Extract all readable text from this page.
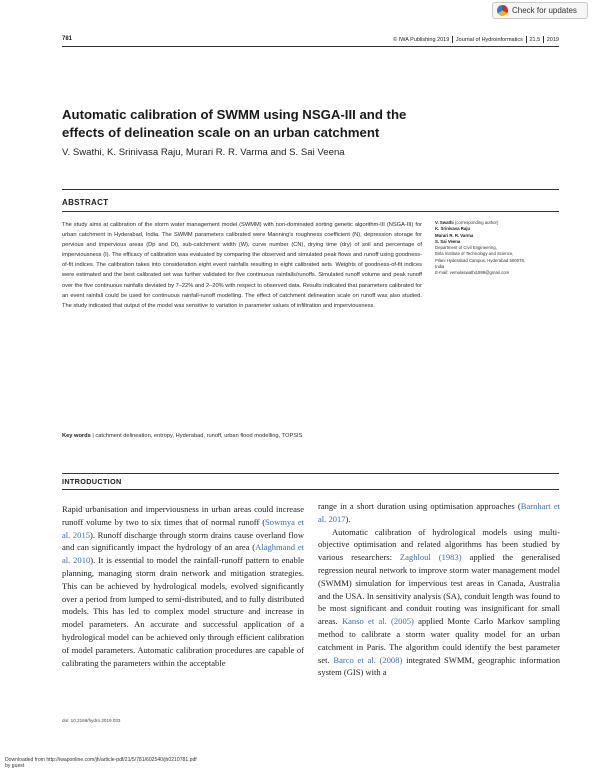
Check for updates
781	© IWA Publishing 2019 Journal of Hydroinformatics 21.5 2019
Automatic calibration of SWMM using NSGA-III and the
effects of delineation scale on an urban catchment
V. Swathi, K. Srinivasa Raju, Murari R. R. Varma and S. Sai Veena
ABSTRACT
The study aims at calibration of the storm water management model (SWMM) with non-dominated sorting genetic algorithm-III (NSGA-III) for urban catchment in Hyderabad, India. The SWMM parameters calibrated were Manning's roughness coefficient (N), depression storage for pervious and impervious areas (Dp and Di), sub-catchment width (W), curve number (CN), drying time (dry) of soil and percentage of imperviousness (I). The efficacy of calibration was evaluated by comparing the observed and simulated peak flows and runoff using goodness-of-fit indices. The calibration takes into consideration eight event rainfalls resulting in eight calibrated sets. Weights of goodness-of-fit indices were estimated and the best calibrated set was further validated for five continuous rainfalls/runoffs. Simulated runoff volume and peak runoff over the five continuous rainfalls deviated by 7–22% and 2–20% with respect to observed data. Results indicated that parameters calibrated for an event rainfall could be used for continuous rainfall-runoff modelling. The effect of catchment delineation scale on runoff was also studied. The study indicated that output of the model was sensitive to variation in parameter values of infiltration and imperviousness.
Key words | catchment delineation, entropy, Hyderabad, runoff, urban flood modelling, TOPSIS
V. Swathi (corresponding author)
K. Srinivasa Raju
Murari R. R. Varma
S. Sai Veena
Department of Civil Engineering,
Birla Institute of Technology and Science,
Pilani Hyderabad Campus, Hyderabad 500078,
India
E-mail: vemulaswathi1999@gmail.com
INTRODUCTION

Rapid urbanisation and imperviousness in urban areas could increase runoff volume by two to six times that of normal runoff (Sowmya et al. 2015). Runoff discharge through storm drains cause overland flow and can significantly impact the hydrology of an area (Alaghmand et al. 2010). It is essential to model the rainfall-runoff pattern to enable planning, managing storm drain network and mitigation strategies. This can be achieved by hydrological models, evolved significantly over a period from lumped to semi-distributed, and to fully distributed models. This has led to complex model structure and increase in model parameters. An accurate and successful application of a hydrological model can be achieved only through efficient calibration of model parameters. Automatic calibration procedures are capable of calibrating the parameters within the acceptable

range in a short duration using optimisation approaches (Barnhart et al. 2017).

Automatic calibration of hydrological models using multi-objective optimisation and related algorithms has been studied by various researchers: Zaghloul (1983) applied the generalised regression neural network to improve storm water management model (SWMM) simulation for impervious test areas in Canada, Australia and the USA. In sensitivity analysis (SA), conduit length was found to be most significant and conduit routing was insignificant for small areas. Kanso et al. (2005) applied Monte Carlo Markov sampling method to calibrate a storm water quality model for an urban catchment in Paris. The algorithm could identify the best parameter set. Barco et al. (2008) integrated SWMM, geographic information system (GIS) with a

doi: 10.2166/hydro.2019.033
Downloaded from http://iwaponline.com/jh/article-pdf/21/5/781/602540/jh0210781.pdf
by guest
